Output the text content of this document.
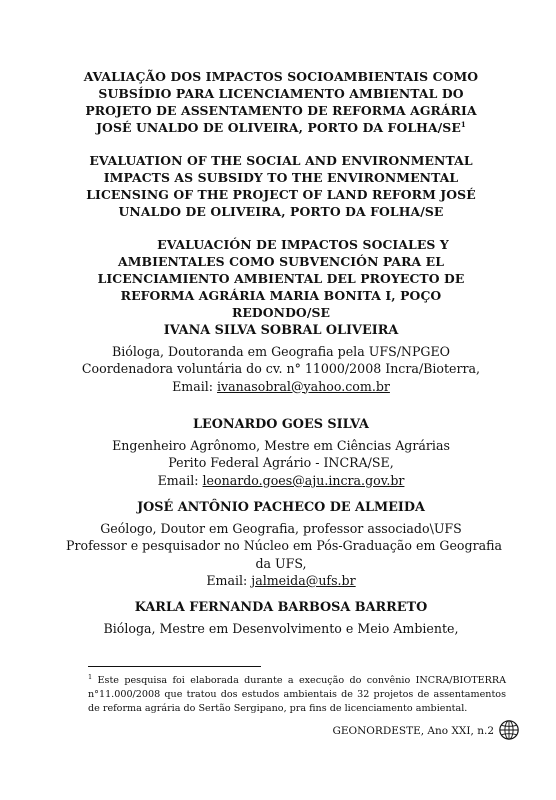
AVALIAÇÃO DOS IMPACTOS SOCIOAMBIENTAIS COMO
SUBSÍDIO PARA LICENCIAMENTO AMBIENTAL DO
PROJETO DE ASSENTAMENTO DE REFORMA AGRÁRIA
JOSÉ UNALDO DE OLIVEIRA, PORTO DA FOLHA/$SE^1$
EVALUATION OF THE SOCIAL AND ENVIRONMENTAL
IMPACTS AS SUBSIDY TO THE ENVIRONMENTAL
LICENSING OF THE PROJECT OF LAND REFORM JOSÉ
UNALDO DE OLIVEIRA, PORTO DA FOLHA/SE
EVALUACIÓN DE IMPACTOS SOCIALES Y
AMBIENTALES COMO SUBVENCIÓN PARA EL
LICENCIAMIENTO AMBIENTAL DEL PROYECTO DE
REFORMA AGRÁRIA MARIA BONITA I, POÇO
REDONDO/SE
IVANA SILVA SOBRAL OLIVEIRA
Bióloga, Doutoranda em Geografia pela UFS/NPGEO
Coordenadora voluntária do cv. n° 11000/2008 Incra/Bioterra,
Email: ivanasobral@yahoo.com.br
LEONARDO GOES SILVA
Engenheiro Agrônomo, Mestre em Ciências Agrárias
Perito Federal Agrário - INCRA/SE,
Email: leonardo.goes@aju.incra.gov.br
JOSÉ ANTÔNIO PACHECO DE ALMEIDA
Geólogo, Doutor em Geografia, professor associado\UFS
Professor e pesquisador no Núcleo em Pós-Graduação em Geografia
da UFS,
Email: jalmeida@ufs.br
KARLA FERNANDA BARBOSA BARRETO
Bióloga, Mestre em Desenvolvimento e Meio Ambiente,
$^1$ Este pesquisa foi elaborada durante a execução do convênio INCRA/BIOTERRA n°11.000/2008 que tratou dos estudos ambientais de 32 projetos de assentamentos de reforma agrária do Sertão Sergipano, pra fins de licenciamento ambiental.
GEONORDESTE, Ano XXI, n.2
